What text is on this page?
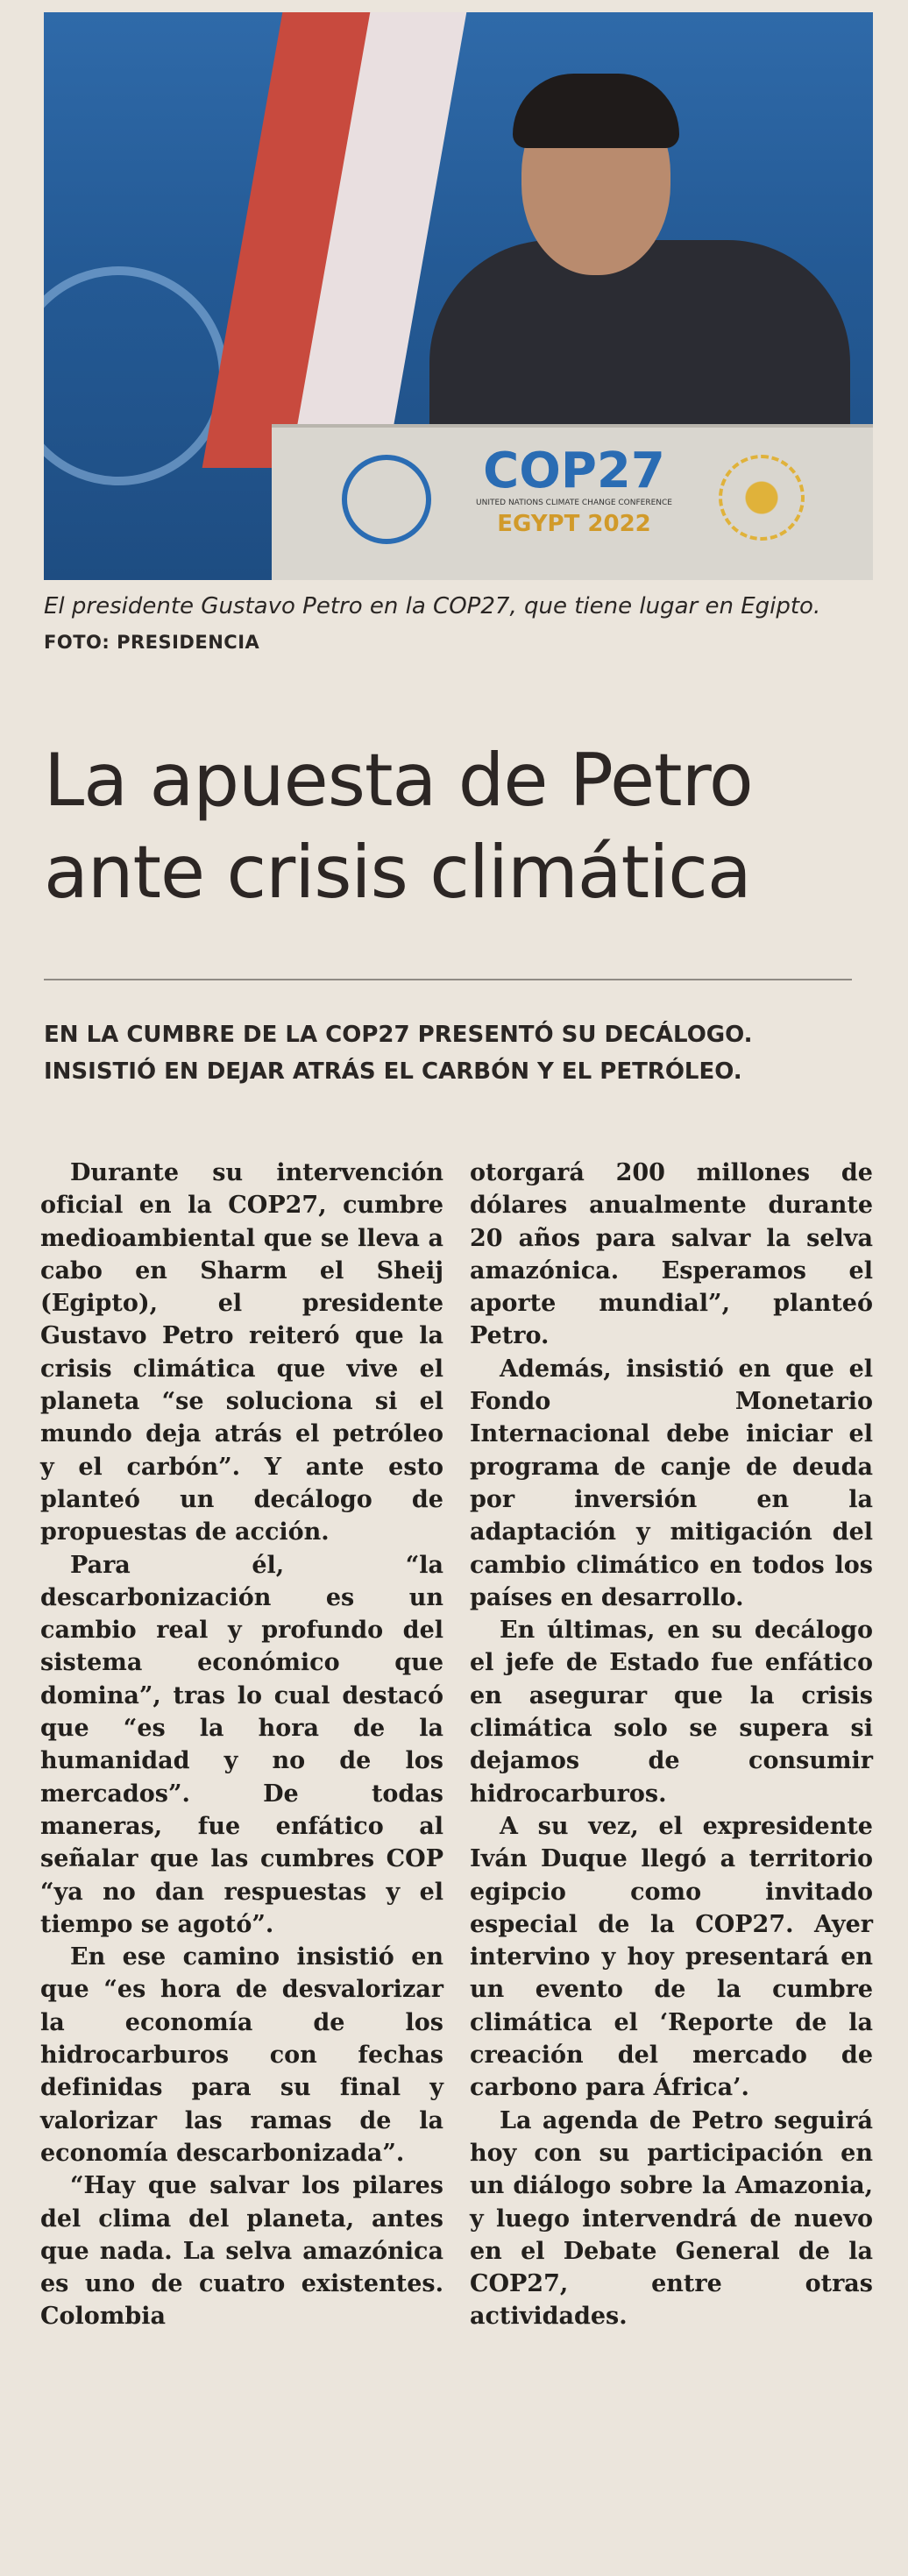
COP27
UNITED NATIONS CLIMATE CHANGE CONFERENCE
EGYPT 2022
El presidente Gustavo Petro en la COP27, que tiene lugar en Egipto. FOTO: PRESIDENCIA
La apuesta de Petro ante crisis climática
EN LA CUMBRE DE LA COP27 PRESENTÓ SU DECÁLOGO.
INSISTIÓ EN DEJAR ATRÁS EL CARBÓN Y EL PETRÓLEO.

Durante su intervención oficial en la COP27, cumbre medioambiental que se lleva a cabo en Sharm el Sheij (Egipto), el presidente Gustavo Petro reiteró que la crisis climática que vive el planeta “se soluciona si el mundo deja atrás el petróleo y el carbón”. Y ante esto planteó un decálogo de propuestas de acción.

Para él, “la descarbonización es un cambio real y profundo del sistema económico que domina”, tras lo cual destacó que “es la hora de la humanidad y no de los mercados”. De todas maneras, fue enfático al señalar que las cumbres COP “ya no dan respuestas y el tiempo se agotó”.

En ese camino insistió en que “es hora de desvalorizar la economía de los hidrocarburos con fechas definidas para su final y valorizar las ramas de la economía descarbonizada”.

“Hay que salvar los pilares del clima del planeta, antes que nada. La selva amazónica es uno de cuatro existentes. Colombia

otorgará 200 millones de dólares anualmente durante 20 años para salvar la selva amazónica. Esperamos el aporte mundial”, planteó Petro.

Además, insistió en que el Fondo Monetario Internacional debe iniciar el programa de canje de deuda por inversión en la adaptación y mitigación del cambio climático en todos los países en desarrollo.

En últimas, en su decálogo el jefe de Estado fue enfático en asegurar que la crisis climática solo se supera si dejamos de consumir hidrocarburos.

A su vez, el expresidente Iván Duque llegó a territorio egipcio como invitado especial de la COP27. Ayer intervino y hoy presentará en un evento de la cumbre climática el ‘Reporte de la creación del mercado de carbono para África’.

La agenda de Petro seguirá hoy con su participación en un diálogo sobre la Amazonia, y luego intervendrá de nuevo en el Debate General de la COP27, entre otras actividades.
